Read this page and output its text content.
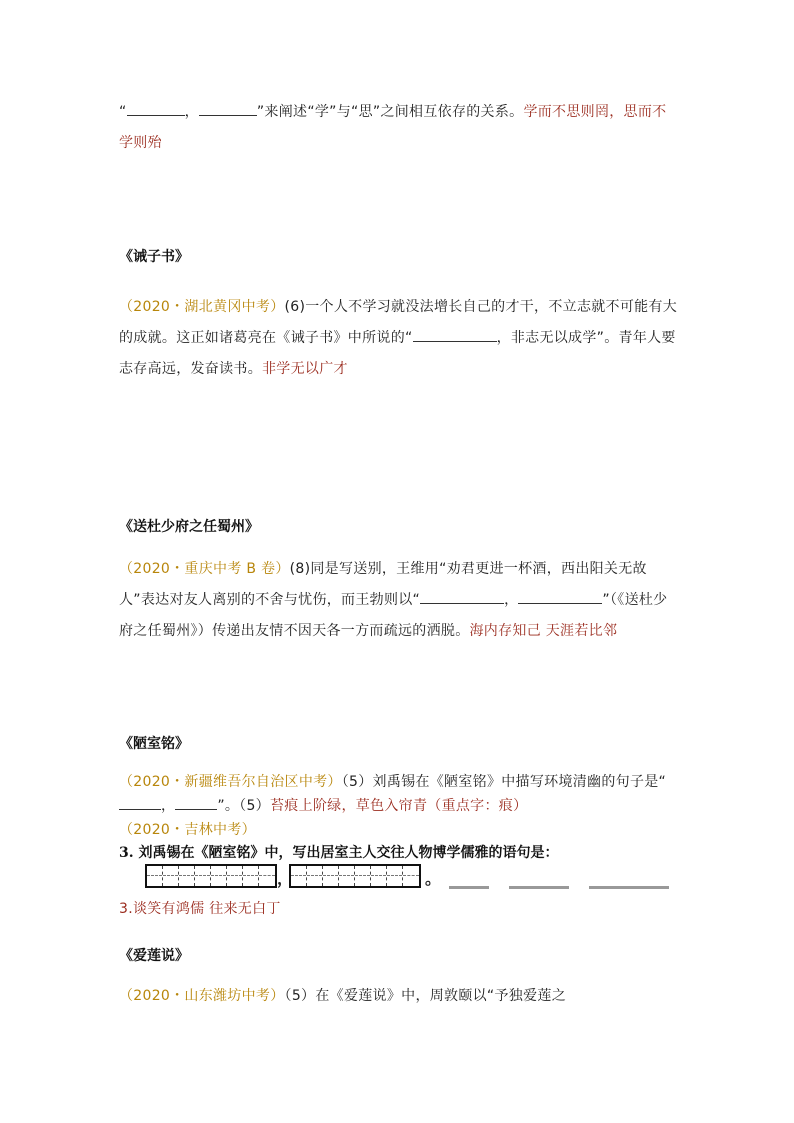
“	，	”来阐述“学”与“思”之间相互依存的关系。学而不思则罔，思而不学则殆
《诫子书》
（2020・湖北黄冈中考）(6)一个人不学习就没法增长自己的才干，不立志就不可能有大的成就。这正如诸葛亮在《诫子书》中所说的“	，非志无以成学”。青年人要志存高远，发奋读书。非学无以广才
《送杜少府之任蜀州》
（2020・重庆中考 B 卷）(8)同是写送别，王维用“劝君更进一杯酒，西出阳关无故人”表达对友人离别的不舍与忧伤，而王勃则以“	，	”（《送杜少府之任蜀州》）传递出友情不因天各一方而疏远的洒脱。海内存知己 天涯若比邻
《陋室铭》
（2020・新疆维吾尔自治区中考）（5）刘禹锡在《陋室铭》中描写环境清幽的句子是“，	”。（5）苔痕上阶绿，草色入帘青（重点字：痕）
（2020・吉林中考）
3. 刘禹锡在《陋室铭》中，写出居室主人交往人物博学儒雅的语句是：
，	。
3.谈笑有鸿儒 往来无白丁
《爱莲说》
（2020・山东潍坊中考）（5）在《爱莲说》中，周敦颐以“予独爱莲之
